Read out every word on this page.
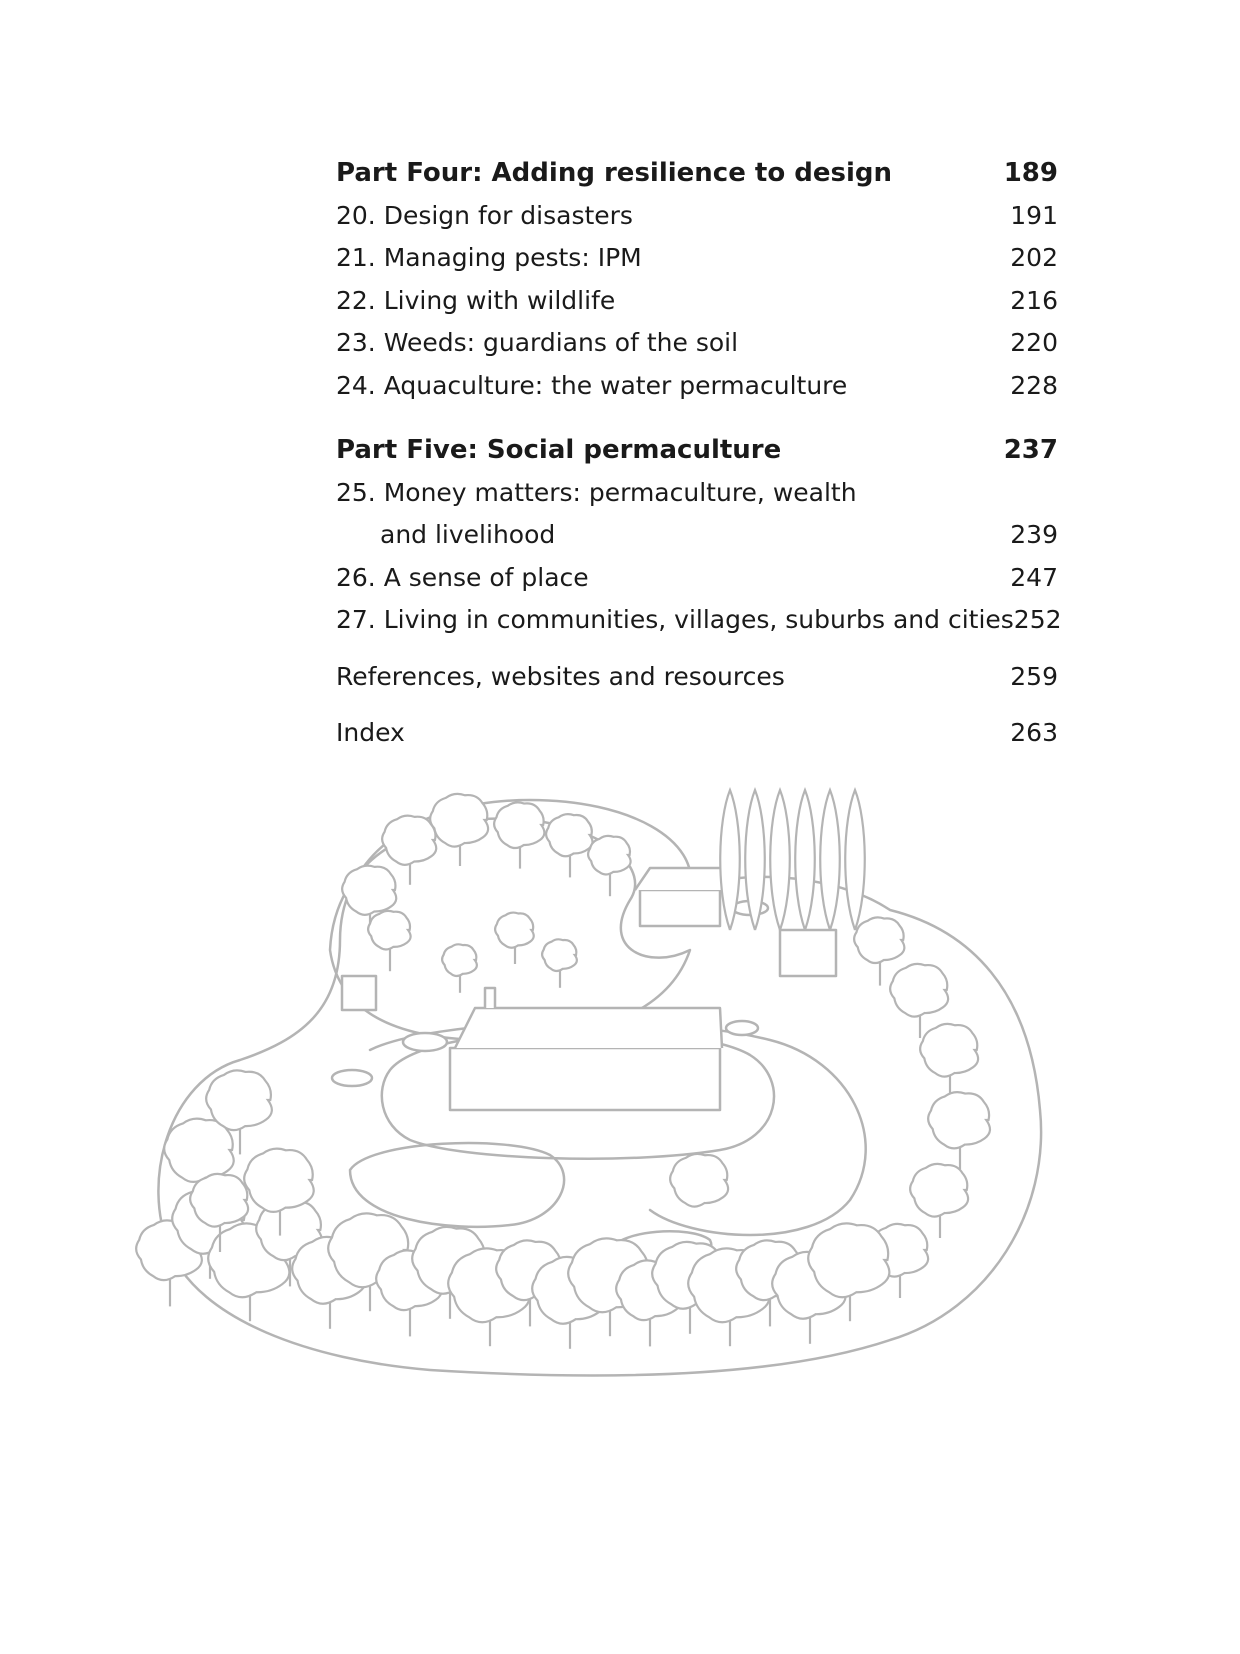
Part Four: Adding resilience to design	189
20. Design for disasters	191
21. Managing pests: IPM	202
22. Living with wildlife	216
23. Weeds: guardians of the soil	220
24. Aquaculture: the water permaculture	228
Part Five: Social permaculture	237
25. Money matters: permaculture, wealth
and livelihood	239
26. A sense of place	247
27. Living in communities, villages, suburbs and cities 252
References, websites and resources	259
Index	263
